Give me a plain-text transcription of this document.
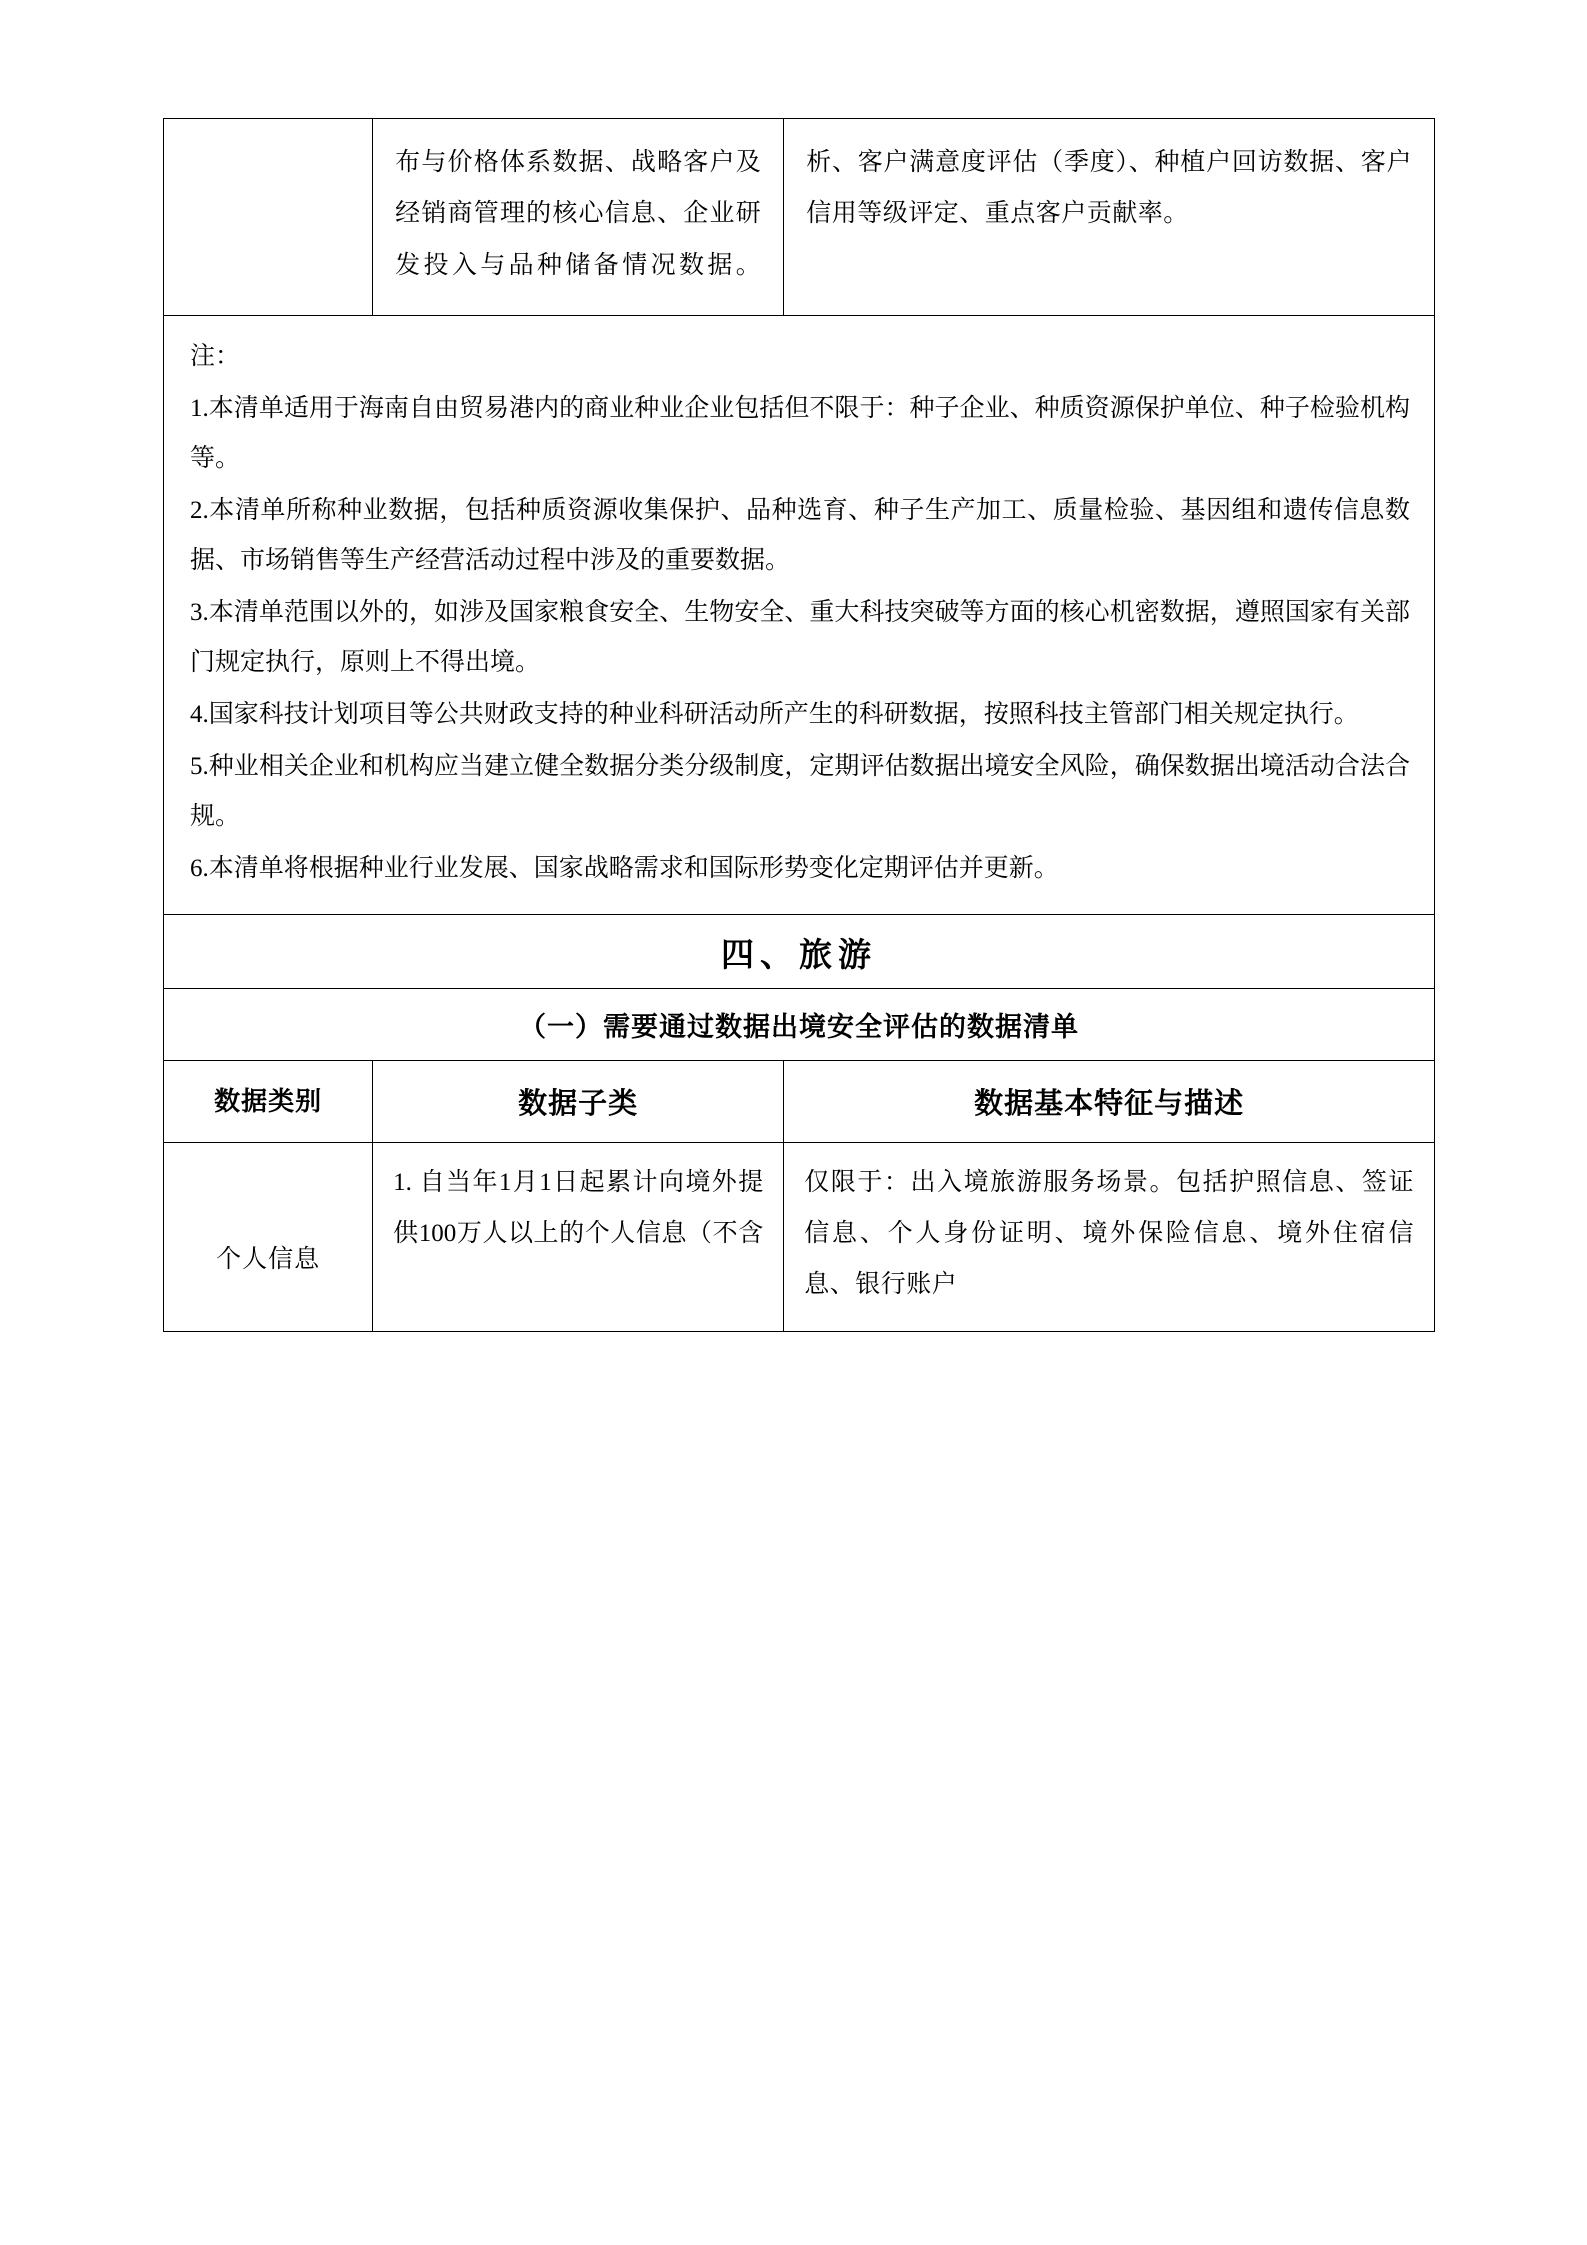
	布与价格体系数据、战略客户及经销商管理的核心信息、企业研发投入与品种储备情况数据。	析、客户满意度评估（季度）、种植户回访数据、客户信用等级评定、重点客户贡献率。

注：

1.本清单适用于海南自由贸易港内的商业种业企业包括但不限于：种子企业、种质资源保护单位、种子检验机构等。

2.本清单所称种业数据，包括种质资源收集保护、品种选育、种子生产加工、质量检验、基因组和遗传信息数据、市场销售等生产经营活动过程中涉及的重要数据。

3.本清单范围以外的，如涉及国家粮食安全、生物安全、重大科技突破等方面的核心机密数据，遵照国家有关部门规定执行，原则上不得出境。

4.国家科技计划项目等公共财政支持的种业科研活动所产生的科研数据，按照科技主管部门相关规定执行。

5.种业相关企业和机构应当建立健全数据分类分级制度，定期评估数据出境安全风险，确保数据出境活动合法合规。

6.本清单将根据种业行业发展、国家战略需求和国际形势变化定期评估并更新。

四、旅游		

（一）需要通过数据出境安全评估的数据清单		

数据类别	数据子类	数据基本特征与描述

个人信息	1. 自当年1月1日起累计向境外提供100万人以上的个人信息（不含	仅限于：出入境旅游服务场景。包括护照信息、签证信息、个人身份证明、境外保险信息、境外住宿信息、银行账户
